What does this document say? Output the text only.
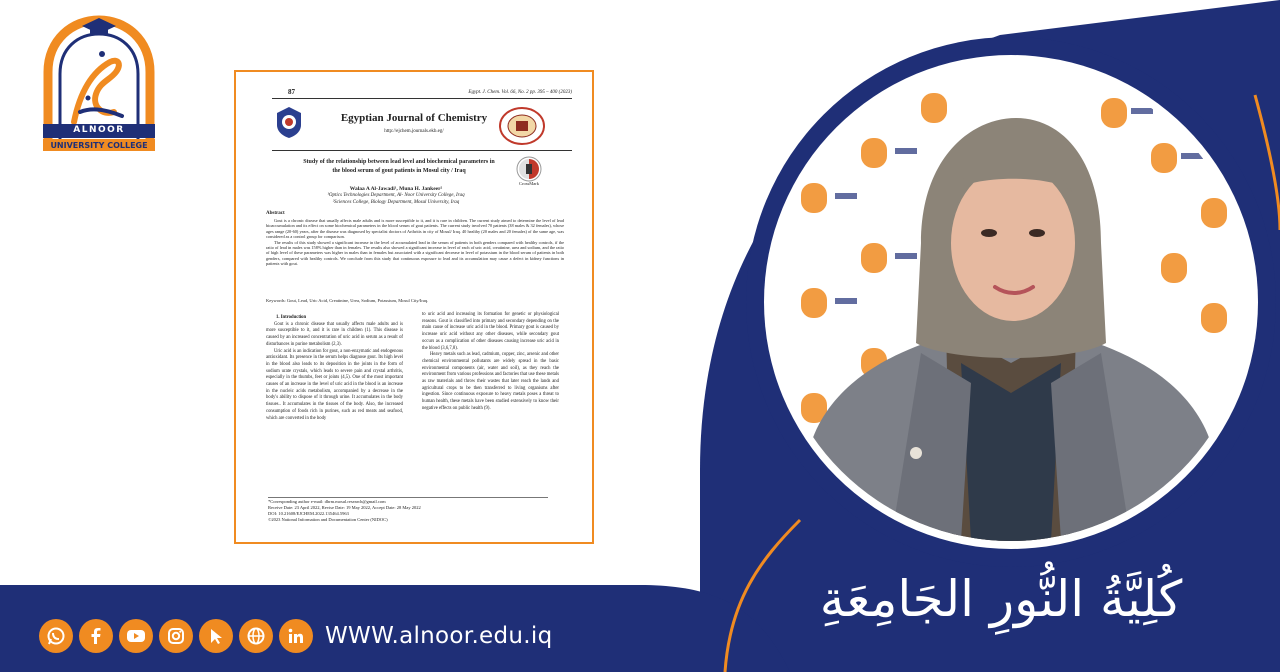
ALNOOR
UNIVERSITY COLLEGE
87	Egypt. J. Chem. Vol. 66, No. 2 pp. 395 – 400 (2023)
Egyptian Journal of Chemistry
http://ejchem.journals.ekb.eg/
Study of the relationship between lead level and biochemical parameters in
the blood serum of gout patients in Mosul city / Iraq
CrossMark
Walaa A Al-Jawadi¹, Muna H. Jankeer²
¹Optics Technologies Department, Al- Noor University College, Iraq
²Sciences College, Biology Department, Mosul University, Iraq
Abstract
Gout is a chronic disease that usually affects male adults and is more susceptible to it, and it is rare in children. The current study aimed to determine the level of lead bioaccumulation and its effect on some biochemical parameters in the blood serum of gout patients. The current study involved 70 patients (38 males & 32 females), whose ages range (20-60) years, after the disease was diagnosed by specialist doctors of Arthritis in city of Mosul/ Iraq. 40 healthy (20 males and 20 females) of the same age, was considered as a control group for comparison.
The results of this study showed a significant increase in the level of accumulated lead in the serum of patients in both genders compared with healthy controls, if the ratio of lead in males was 158% higher than in females. The results also showed a significant increase in level of each of uric acid, creatinine, urea and sodium, and the ratio of high level of these parameters was higher in males than in females but associated with a significant decrease in level of potassium in the blood serum of patients in both genders, compared with healthy controls. We conclude from this study that continuous exposure to lead and its accumulation may cause a defect in kidney functions in patients with gout.
Keywords: Gout, Lead, Uric Acid, Creatinine, Urea, Sodium, Potassium, Mosul City/Iraq.
1. Introduction
Gout is a chronic disease that usually affects male adults and is more susceptible to it, and it is rare in children (1). This disease is caused by an increased concentration of uric acid in serum as a result of disturbances in purine metabolism (2,3).
Uric acid is an indication for gout, a non-enzymatic and endogenous antioxidant. Its presence in the serum helps diagnose gout. Its high level in the blood also leads to its deposition in the joints in the form of sodium urate crystals, which leads to severe pain and crystal arthritis, especially in the thumbs, feet or joints (4,5). One of the most important causes of an increase in the level of uric acid in the blood is an increase in the nucleic acids metabolism, accompanied by a decrease in the body's ability to dispose of it through urine. It accumulates in the body tissues.. It accumulates in the tissues of the body. Also, the increased consumption of foods rich in purines, such as red meats and seafood, which are converted in the body
to uric acid and increasing its formation for genetic or physiological reasons. Gout is classified into primary and secondary depending on the main cause of increase uric acid in the blood. Primary gout is caused by increase uric acid without any other diseases, while secondary gout occurs as a complication of other diseases causing increase uric acid in the blood (3,6,7,8).
Heavy metals such as lead, cadmium, copper, zinc, arsenic and other chemical environmental pollutants are widely spread in the basic environmental components (air, water and soil), as they reach the environment from various professions and factories that use these metals as raw materials and throw their wastes that later reach the lands and agricultural crops to be then transferred to living organisms after ingestion. Since continuous exposure to heavy metals poses a threat to human health, these metals have been studied extensively to know their negative effects on public health (9).
*Corresponding author e-mail: dhrm.mosul.research@gmail.com
Receive Date: 23 April 2022, Revise Date: 19 May 2022, Accept Date: 28 May 2022
DOI: 10.21608/EJCHEM.2022.135464.5963
©2023 National Information and Documentation Center (NIDOC)
كُلِيَّةُ النُّورِ الجَامِعَةِ
WWW.alnoor.edu.iq
